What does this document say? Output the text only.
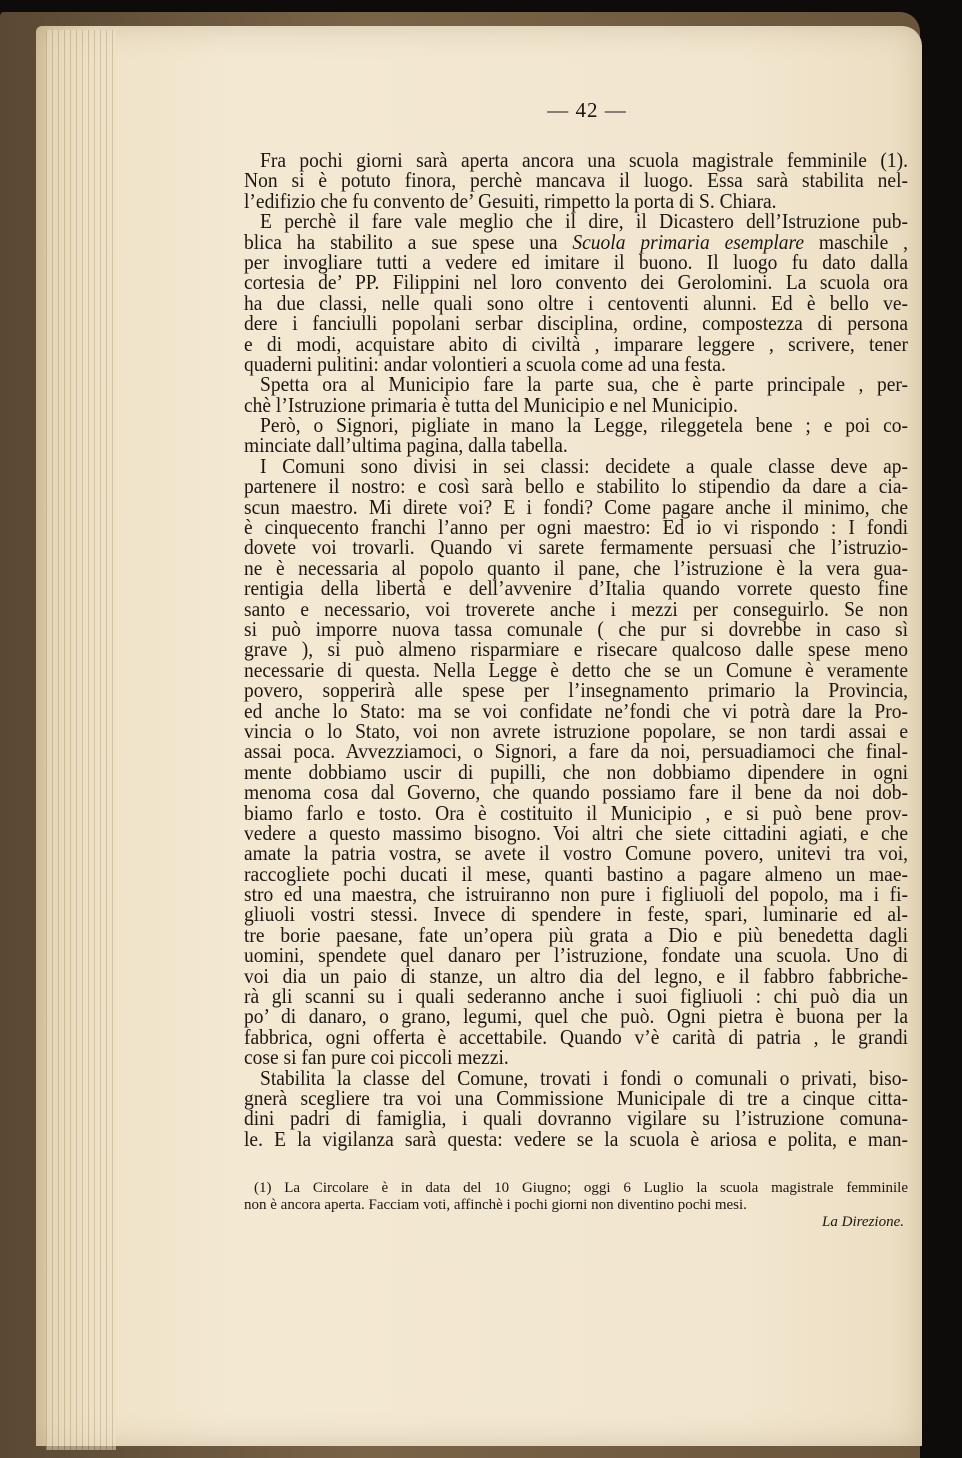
— 42 —
Fra pochi giorni sarà aperta ancora una scuola magistrale femminile (1).
Non si è potuto finora, perchè mancava il luogo. Essa sarà stabilita nel-
l’edifizio che fu convento de’ Gesuiti, rimpetto la porta di S. Chiara.
E perchè il fare vale meglio che il dire, il Dicastero dell’Istruzione pub-
blica ha stabilito a sue spese una Scuola primaria esemplare maschile ,
per invogliare tutti a vedere ed imitare il buono. Il luogo fu dato dalla
cortesia de’ PP. Filippini nel loro convento dei Gerolomini. La scuola ora
ha due classi, nelle quali sono oltre i centoventi alunni. Ed è bello ve-
dere i fanciulli popolani serbar disciplina, ordine, compostezza di persona
e di modi, acquistare abito di civiltà , imparare leggere , scrivere, tener
quaderni pulitini: andar volontieri a scuola come ad una festa.
Spetta ora al Municipio fare la parte sua, che è parte principale , per-
chè l’Istruzione primaria è tutta del Municipio e nel Municipio.
Però, o Signori, pigliate in mano la Legge, rileggetela bene ; e poi co-
minciate dall’ultima pagina, dalla tabella.
I Comuni sono divisi in sei classi: decidete a quale classe deve ap-
partenere il nostro: e così sarà bello e stabilito lo stipendio da dare a cia-
scun maestro. Mi direte voi? E i fondi? Come pagare anche il minimo, che
è cinquecento franchi l’anno per ogni maestro: Ed io vi rispondo : I fondi
dovete voi trovarli. Quando vi sarete fermamente persuasi che l’istruzio-
ne è necessaria al popolo quanto il pane, che l’istruzione è la vera gua-
rentigia della libertà e dell’avvenire d’Italia quando vorrete questo fine
santo e necessario, voi troverete anche i mezzi per conseguirlo. Se non
si può imporre nuova tassa comunale ( che pur si dovrebbe in caso sì
grave ), si può almeno risparmiare e risecare qualcoso dalle spese meno
necessarie di questa. Nella Legge è detto che se un Comune è veramente
povero, sopperirà alle spese per l’insegnamento primario la Provincia,
ed anche lo Stato: ma se voi confidate ne’fondi che vi potrà dare la Pro-
vincia o lo Stato, voi non avrete istruzione popolare, se non tardi assai e
assai poca. Avvezziamoci, o Signori, a fare da noi, persuadiamoci che final-
mente dobbiamo uscir di pupilli, che non dobbiamo dipendere in ogni
menoma cosa dal Governo, che quando possiamo fare il bene da noi dob-
biamo farlo e tosto. Ora è costituito il Municipio , e si può bene prov-
vedere a questo massimo bisogno. Voi altri che siete cittadini agiati, e che
amate la patria vostra, se avete il vostro Comune povero, unitevi tra voi,
raccogliete pochi ducati il mese, quanti bastino a pagare almeno un mae-
stro ed una maestra, che istruiranno non pure i figliuoli del popolo, ma i fi-
gliuoli vostri stessi. Invece di spendere in feste, spari, luminarie ed al-
tre borie paesane, fate un’opera più grata a Dio e più benedetta dagli
uomini, spendete quel danaro per l’istruzione, fondate una scuola. Uno di
voi dia un paio di stanze, un altro dia del legno, e il fabbro fabbriche-
rà gli scanni su i quali sederanno anche i suoi figliuoli : chi può dia un
po’ di danaro, o grano, legumi, quel che può. Ogni pietra è buona per la
fabbrica, ogni offerta è accettabile. Quando v’è carità di patria , le grandi
cose si fan pure coi piccoli mezzi.
Stabilita la classe del Comune, trovati i fondi o comunali o privati, biso-
gnerà scegliere tra voi una Commissione Municipale di tre a cinque citta-
dini padri di famiglia, i quali dovranno vigilare su l’istruzione comuna-
le. E la vigilanza sarà questa: vedere se la scuola è ariosa e polita, e man-
(1) La Circolare è in data del 10 Giugno; oggi 6 Luglio la scuola magistrale femminile
non è ancora aperta. Facciam voti, affinchè i pochi giorni non diventino pochi mesi.
La Direzione.
